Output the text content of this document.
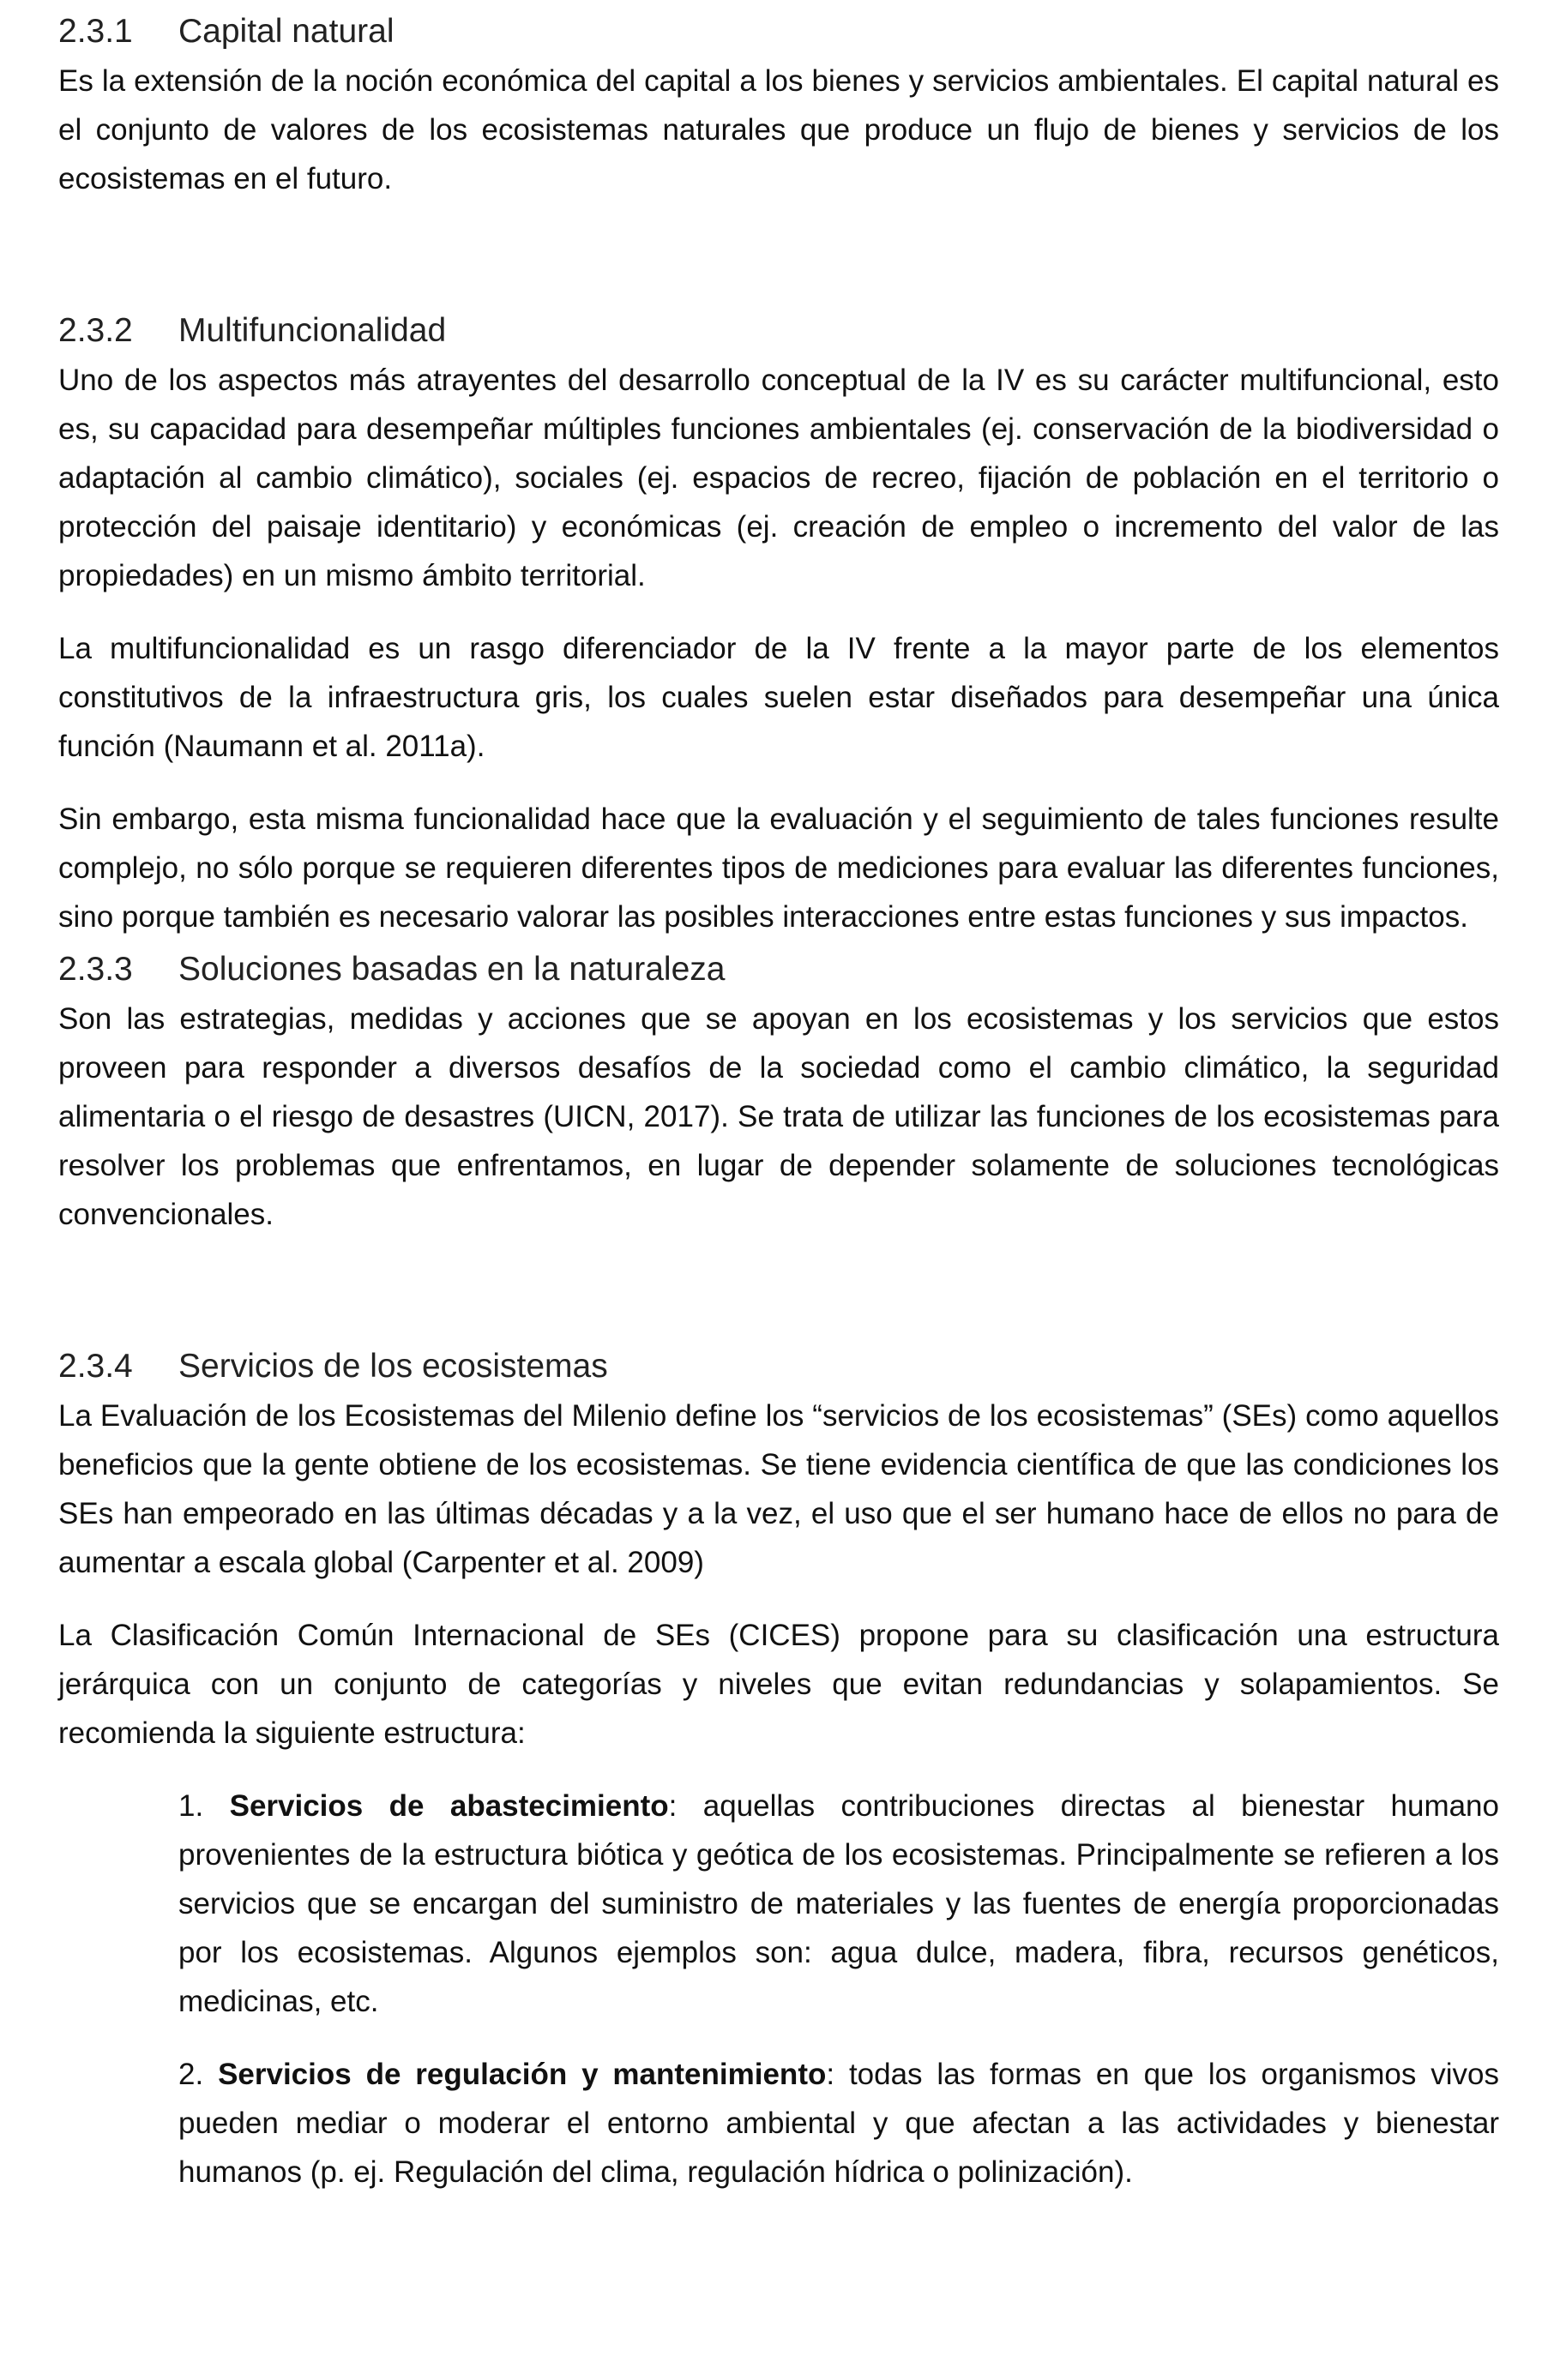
2.3.1 Capital natural

Es la extensión de la noción económica del capital a los bienes y servicios ambientales. El capital natural es el conjunto de valores de los ecosistemas naturales que produce un flujo de bienes y servicios de los ecosistemas en el futuro.

2.3.2 Multifuncionalidad

Uno de los aspectos más atrayentes del desarrollo conceptual de la IV es su carácter multifuncional, esto es, su capacidad para desempeñar múltiples funciones ambientales (ej. conservación de la biodiversidad o adaptación al cambio climático), sociales (ej. espacios de recreo, fijación de población en el territorio o protección del paisaje identitario) y económicas (ej. creación de empleo o incremento del valor de las propiedades) en un mismo ámbito territorial.

La multifuncionalidad es un rasgo diferenciador de la IV frente a la mayor parte de los elementos constitutivos de la infraestructura gris, los cuales suelen estar diseñados para desempeñar una única función (Naumann et al. 2011a).

Sin embargo, esta misma funcionalidad hace que la evaluación y el seguimiento de tales funciones resulte complejo, no sólo porque se requieren diferentes tipos de mediciones para evaluar las diferentes funciones, sino porque también es necesario valorar las posibles interacciones entre estas funciones y sus impactos.

2.3.3 Soluciones basadas en la naturaleza

Son las estrategias, medidas y acciones que se apoyan en los ecosistemas y los servicios que estos proveen para responder a diversos desafíos de la sociedad como el cambio climático, la seguridad alimentaria o el riesgo de desastres (UICN, 2017). Se trata de utilizar las funciones de los ecosistemas para resolver los problemas que enfrentamos, en lugar de depender solamente de soluciones tecnológicas convencionales.

2.3.4 Servicios de los ecosistemas

La Evaluación de los Ecosistemas del Milenio define los “servicios de los ecosistemas” (SEs) como aquellos beneficios que la gente obtiene de los ecosistemas. Se tiene evidencia científica de que las condiciones los SEs han empeorado en las últimas décadas y a la vez, el uso que el ser humano hace de ellos no para de aumentar a escala global (Carpenter et al. 2009)

La Clasificación Común Internacional de SEs (CICES) propone para su clasificación una estructura jerárquica con un conjunto de categorías y niveles que evitan redundancias y solapamientos. Se recomienda la siguiente estructura:

1. Servicios de abastecimiento: aquellas contribuciones directas al bienestar humano provenientes de la estructura biótica y geótica de los ecosistemas. Principalmente se refieren a los servicios que se encargan del suministro de materiales y las fuentes de energía proporcionadas por los ecosistemas. Algunos ejemplos son: agua dulce, madera, fibra, recursos genéticos, medicinas, etc.
2. Servicios de regulación y mantenimiento: todas las formas en que los organismos vivos pueden mediar o moderar el entorno ambiental y que afectan a las actividades y bienestar humanos (p. ej. Regulación del clima, regulación hídrica o polinización).
